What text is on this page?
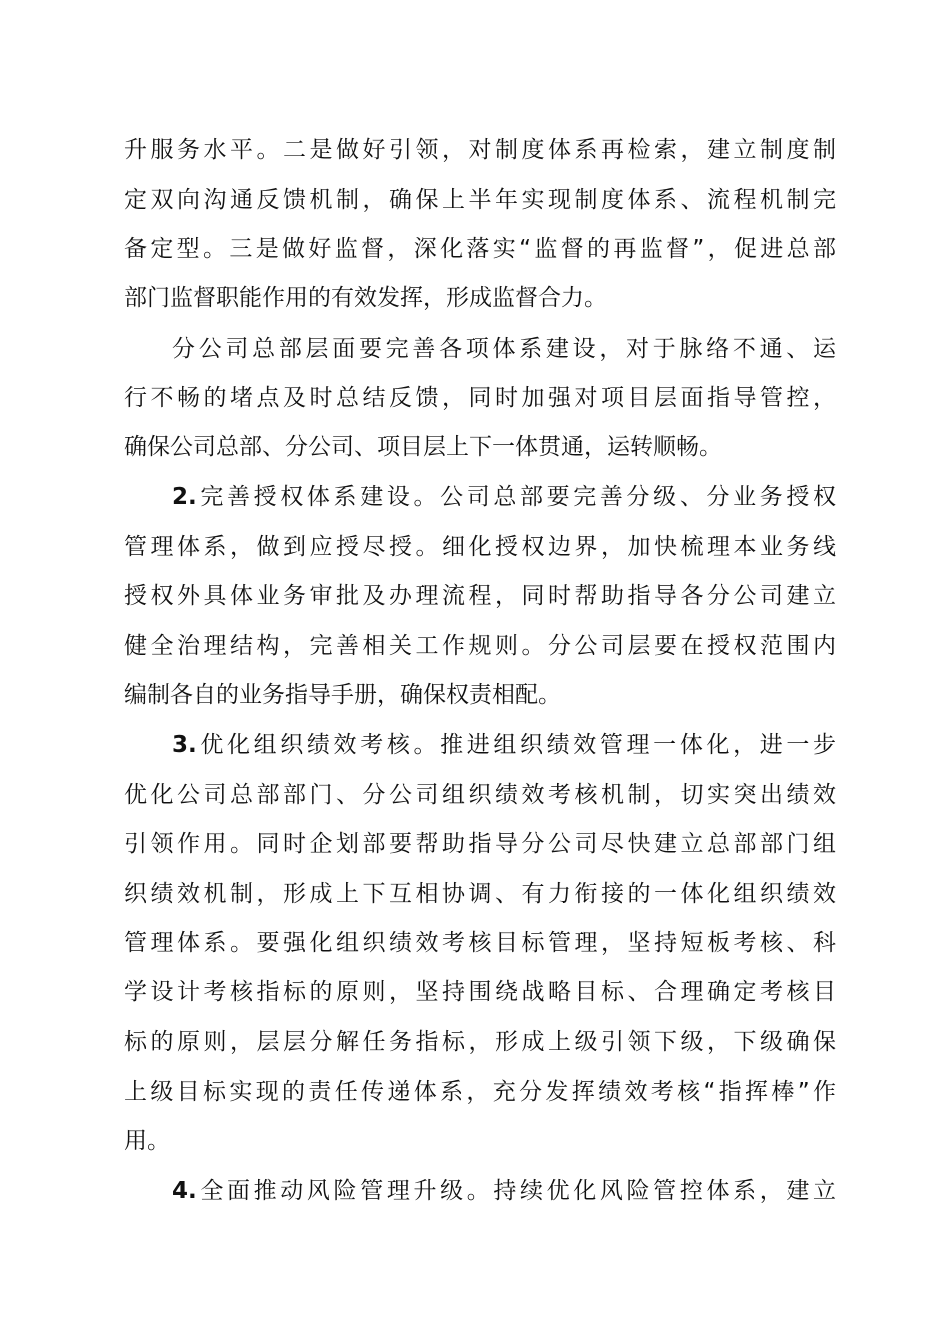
升服务水平。二是做好引领，对制度体系再检索，建立制度制
定双向沟通反馈机制，确保上半年实现制度体系、流程机制完
备定型。三是做好监督，深化落实“监督的再监督”，促进总部
部门监督职能作用的有效发挥，形成监督合力。
分公司总部层面要完善各项体系建设，对于脉络不通、运
行不畅的堵点及时总结反馈，同时加强对项目层面指导管控，
确保公司总部、分公司、项目层上下一体贯通，运转顺畅。
2.完善授权体系建设。公司总部要完善分级、分业务授权
管理体系，做到应授尽授。细化授权边界，加快梳理本业务线
授权外具体业务审批及办理流程，同时帮助指导各分公司建立
健全治理结构，完善相关工作规则。分公司层要在授权范围内
编制各自的业务指导手册，确保权责相配。
3.优化组织绩效考核。推进组织绩效管理一体化，进一步
优化公司总部部门、分公司组织绩效考核机制，切实突出绩效
引领作用。同时企划部要帮助指导分公司尽快建立总部部门组
织绩效机制，形成上下互相协调、有力衔接的一体化组织绩效
管理体系。要强化组织绩效考核目标管理，坚持短板考核、科
学设计考核指标的原则，坚持围绕战略目标、合理确定考核目
标的原则，层层分解任务指标，形成上级引领下级，下级确保
上级目标实现的责任传递体系，充分发挥绩效考核“指挥棒”作
用。
4.全面推动风险管理升级。持续优化风险管控体系，建立
